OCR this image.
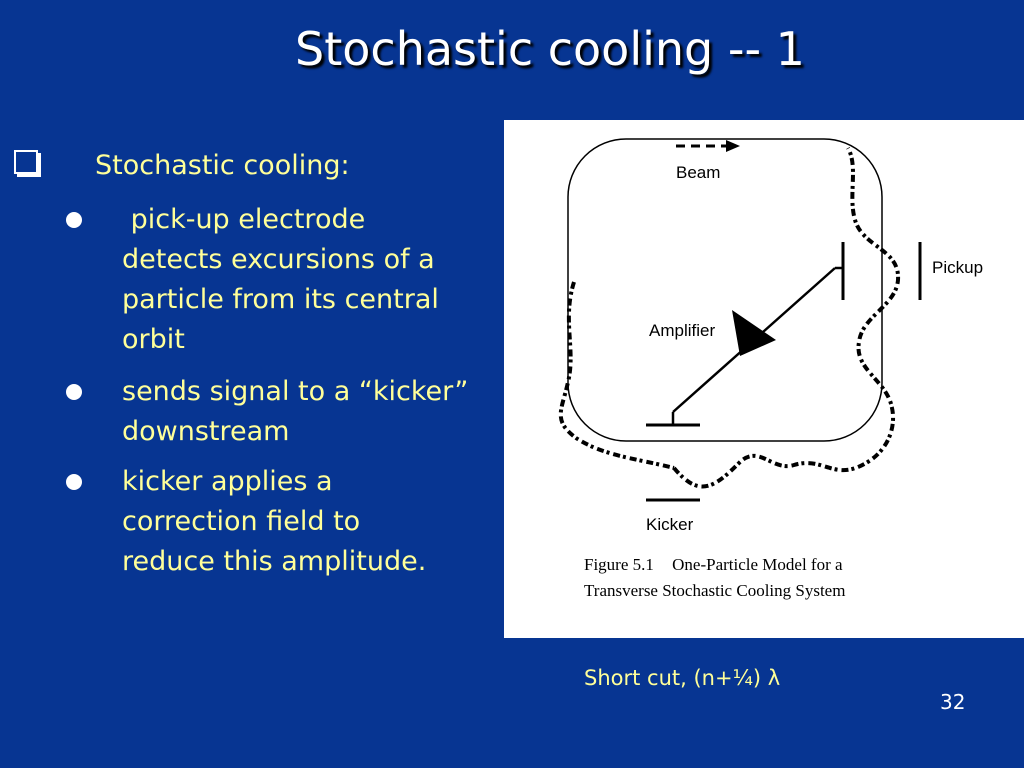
Stochastic cooling -- 1
Stochastic cooling:
pick-up electrode
detects excursions of a
particle from its central
orbit
sends signal to a “kicker”
downstream
kicker applies a
correction field to
reduce this amplitude.
Beam
Pickup
Amplifier
Kicker
Figure 5.1 One-Particle Model for a
Transverse Stochastic Cooling System
Short cut, (n+¼) λ
32
